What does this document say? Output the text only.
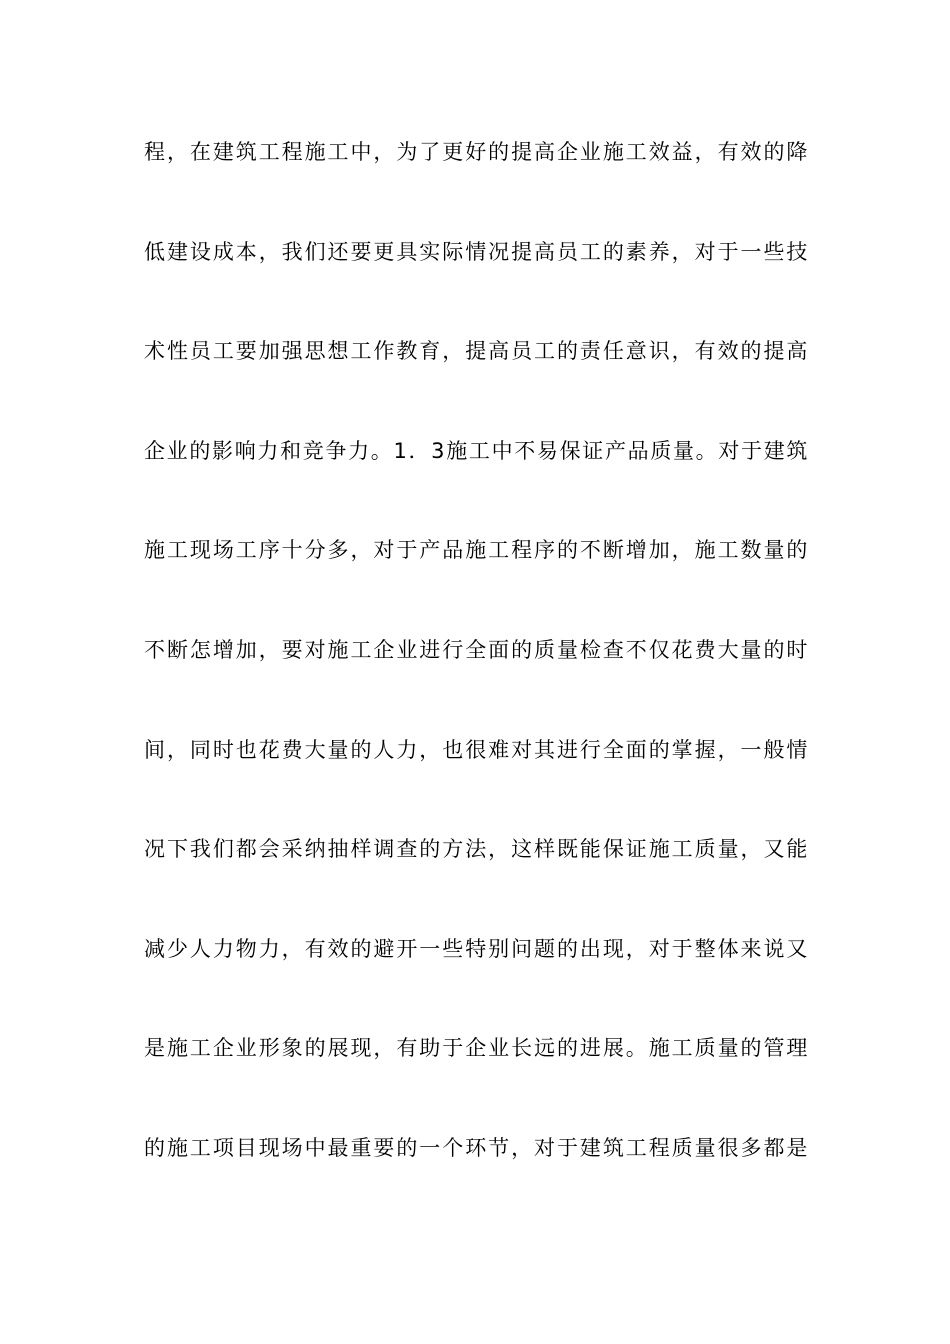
程，在建筑工程施工中，为了更好的提高企业施工效益，有效的降
低建设成本，我们还要更具实际情况提高员工的素养，对于一些技
术性员工要加强思想工作教育，提高员工的责任意识，有效的提高
企业的影响力和竞争力。1．3施工中不易保证产品质量。对于建筑
施工现场工序十分多，对于产品施工程序的不断增加，施工数量的
不断怎增加，要对施工企业进行全面的质量检查不仅花费大量的时
间，同时也花费大量的人力，也很难对其进行全面的掌握，一般情
况下我们都会采纳抽样调查的方法，这样既能保证施工质量，又能
减少人力物力，有效的避开一些特别问题的出现，对于整体来说又
是施工企业形象的展现，有助于企业长远的进展。施工质量的管理
的施工项目现场中最重要的一个环节，对于建筑工程质量很多都是
